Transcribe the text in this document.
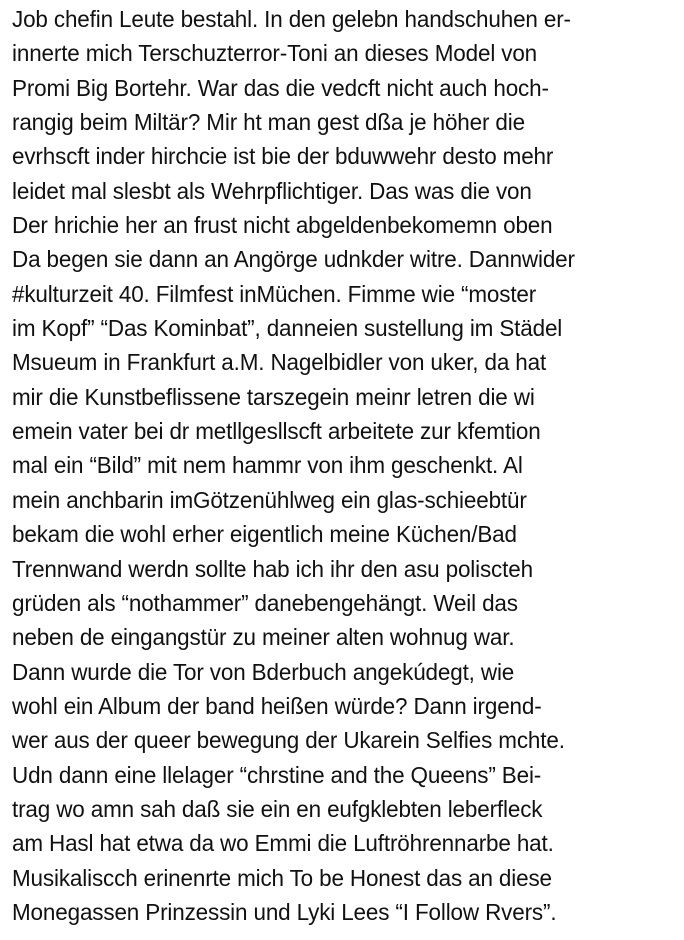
Job chefin Leute bestahl. In den gelebn handschuhen er-
innerte mich Terschuzterror-Toni an dieses Model von
Promi Big Bortehr. War das die vedcft nicht auch hoch-
rangig beim Miltär? Mir ht man gest dßa je höher die
evrhscft inder hirchcie ist bie der bduwwehr desto mehr
leidet mal slesbt als Wehrpflichtiger. Das was die von
Der hrichie her an frust nicht abgeldenbekomemn oben
Da begen sie dann an Angörge udnkder witre. Dannwider
#kulturzeit 40. Filmfest inMüchen. Fimme wie “moster
im Kopf” “Das Kominbat”, danneien sustellung im Städel
Msueum in Frankfurt a.M. Nagelbidler von uker, da hat
mir die Kunstbeflissene tarszegein meinr letren die wi
emein vater bei dr metllgesllscft arbeitete zur kfemtion
mal ein “Bild” mit nem hammr von ihm geschenkt. Al
mein anchbarin imGötzenühlweg ein glas-schieebtür
bekam die wohl erher eigentlich meine Küchen/Bad
Trennwand werdn sollte hab ich ihr den asu poliscteh
grüden als “nothammer” danebengehängt. Weil das
neben de eingangstür zu meiner alten wohnug war.
Dann wurde die Tor von Bderbuch angekúdegt, wie
wohl ein Album der band heißen würde? Dann irgend-
wer aus der queer bewegung der Ukarein Selfies mchte.
Udn dann eine llelager “chrstine and the Queens” Bei-
trag wo amn sah daß sie ein en eufgklebten leberfleck
am Hasl hat etwa da wo Emmi die Luftröhrennarbe hat.
Musikaliscch erinenrte mich To be Honest das an diese
Monegassen Prinzessin und Lyki Lees “I Follow Rvers”.
